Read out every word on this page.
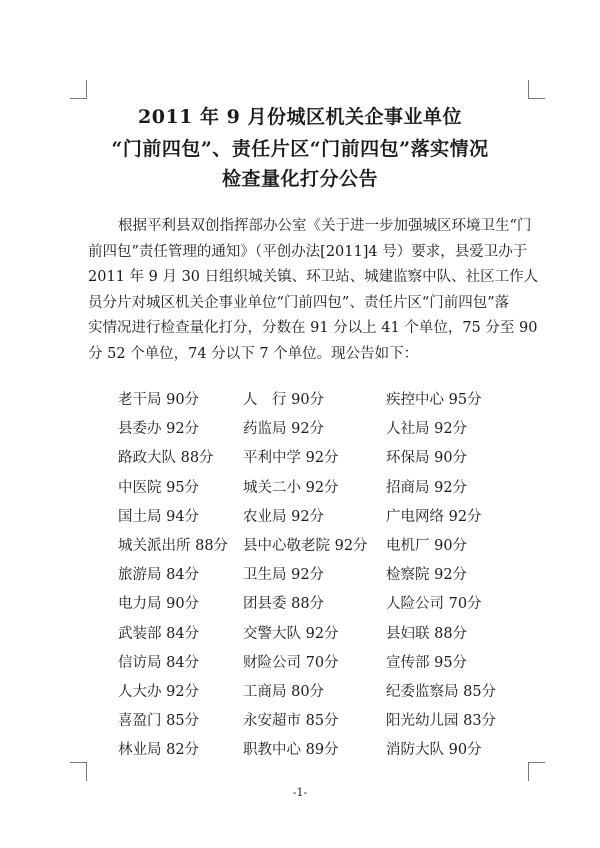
2011 年 9 月份城区机关企事业单位
“门前四包”、责任片区“门前四包”落实情况
检查量化打分公告
根据平利县双创指挥部办公室《关于进一步加强城区环境卫生“门
前四包”责任管理的通知》（平创办法[2011]4 号）要求，县爱卫办于
2011 年 9 月 30 日组织城关镇、环卫站、城建监察中队、社区工作人
员分片对城区机关企事业单位“门前四包”、责任片区“门前四包”落
实情况进行检查量化打分，分数在 91 分以上 41 个单位，75 分至 90
分 52 个单位，74 分以下 7 个单位。现公告如下：
老干局 90分	人　行 90分	疾控中心 95分
县委办 92分	药监局 92分	人社局 92分
路政大队 88分 平利中学 92分	环保局 90分
中医院 95分	城关二小 92分	招商局 92分
国土局 94分	农业局 92分	广电网络 92分
城关派出所 88分 县中心敬老院 92分 电机厂 90分
旅游局 84分	卫生局 92分	检察院 92分
电力局 90分	团县委 88分	人险公司 70分
武装部 84分	交警大队 92分	县妇联 88分
信访局 84分	财险公司 70分	宣传部 95分
人大办 92分	工商局 80分	纪委监察局 85分
喜盈门 85分	永安超市 85分	阳光幼儿园 83分
林业局 82分	职教中心 89分	消防大队 90分
-1-
